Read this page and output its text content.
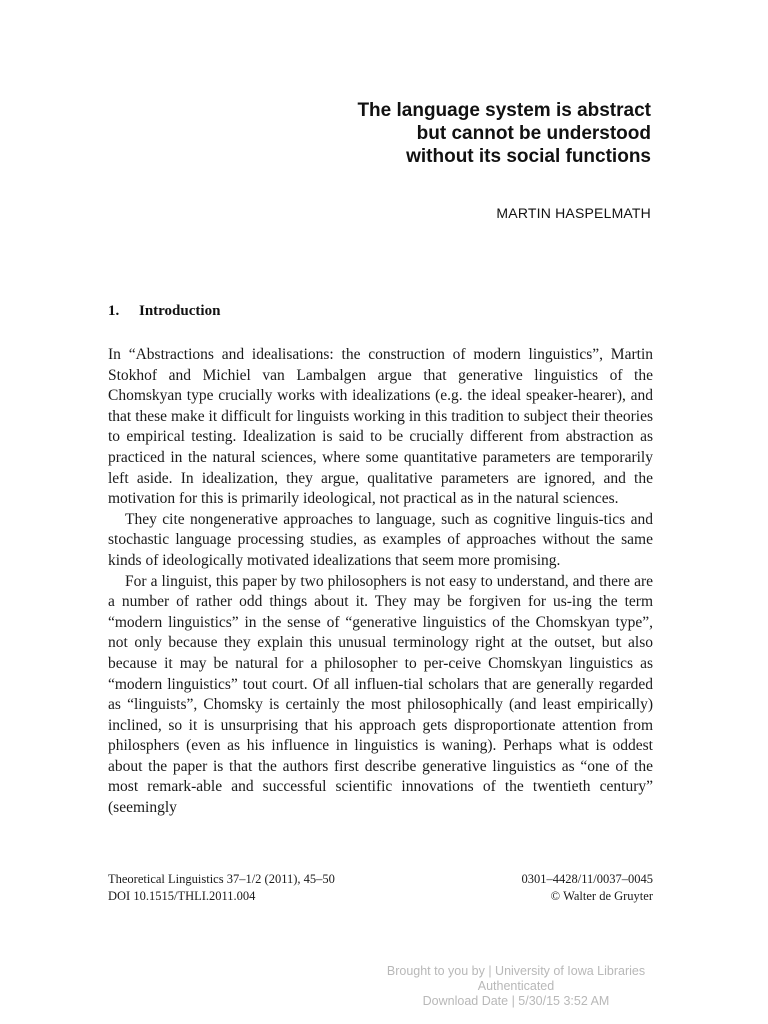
The language system is abstract
but cannot be understood
without its social functions
MARTIN HASPELMATH
1. Introduction

In “Abstractions and idealisations: the construction of modern linguistics”, Martin Stokhof and Michiel van Lambalgen argue that generative linguistics of the Chomskyan type crucially works with idealizations (e.g. the ideal speaker-hearer), and that these make it difficult for linguists working in this tradition to subject their theories to empirical testing. Idealization is said to be crucially different from abstraction as practiced in the natural sciences, where some quantitative parameters are temporarily left aside. In idealization, they argue, qualitative parameters are ignored, and the motivation for this is primarily ideological, not practical as in the natural sciences.

They cite nongenerative approaches to language, such as cognitive linguis-tics and stochastic language processing studies, as examples of approaches without the same kinds of ideologically motivated idealizations that seem more promising.

For a linguist, this paper by two philosophers is not easy to understand, and there are a number of rather odd things about it. They may be forgiven for us-ing the term “modern linguistics” in the sense of “generative linguistics of the Chomskyan type”, not only because they explain this unusual terminology right at the outset, but also because it may be natural for a philosopher to per-ceive Chomskyan linguistics as “modern linguistics” tout court. Of all influen-tial scholars that are generally regarded as “linguists”, Chomsky is certainly the most philosophically (and least empirically) inclined, so it is unsurprising that his approach gets disproportionate attention from philosphers (even as his influence in linguistics is waning). Perhaps what is oddest about the paper is that the authors first describe generative linguistics as “one of the most remark-able and successful scientific innovations of the twentieth century” (seemingly

Theoretical Linguistics 37–1/2 (2011), 45–50
DOI 10.1515/THLI.2011.004
0301–4428/11/0037–0045
© Walter de Gruyter
Brought to you by | University of Iowa Libraries
Authenticated
Download Date | 5/30/15 3:52 AM
